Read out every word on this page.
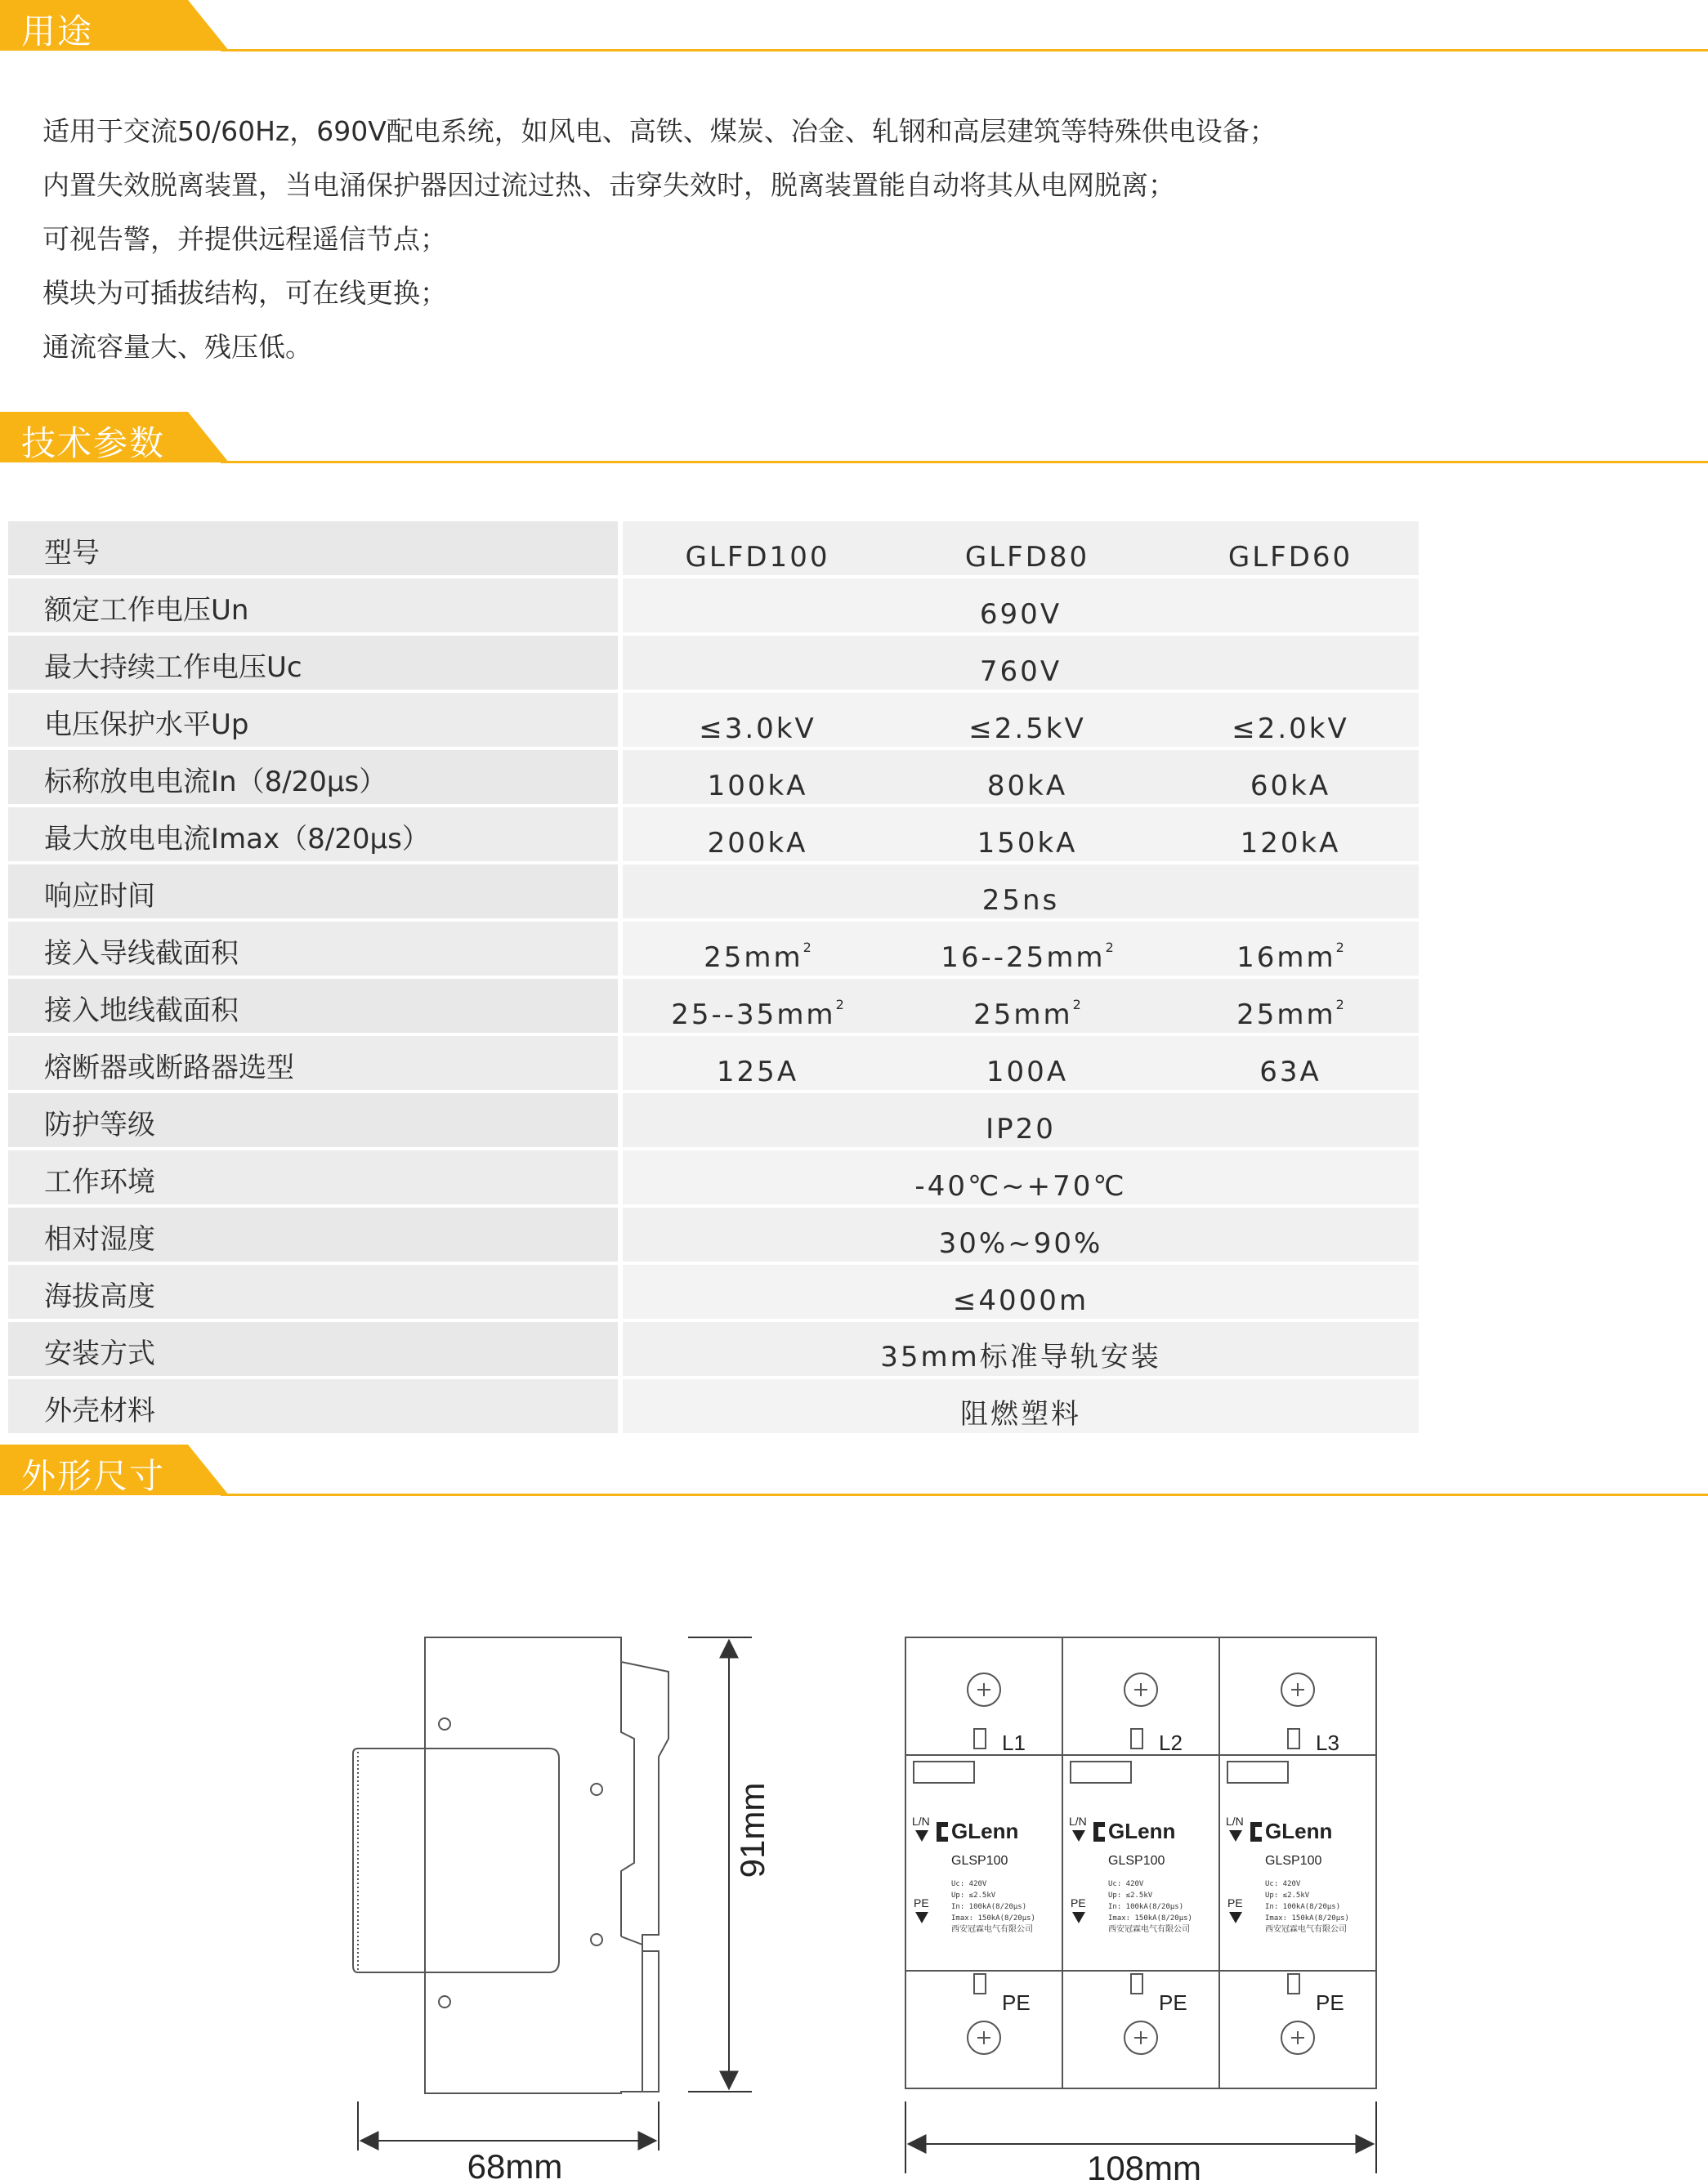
用途
适用于交流50/60Hz，690V配电系统，如风电、高铁、煤炭、冶金、轧钢和高层建筑等特殊供电设备；
内置失效脱离装置，当电涌保护器因过流过热、击穿失效时，脱离装置能自动将其从电网脱离；
可视告警，并提供远程遥信节点；
模块为可插拔结构，可在线更换；
通流容量大、残压低。
技术参数
型号	GLFD100	GLFD80	GLFD60
额定工作电压Un	690V		
最大持续工作电压Uc	760V		
电压保护水平Up	≤3.0kV	≤2.5kV	≤2.0kV
标称放电电流In（8/20μs）	100kA	80kA	60kA
最大放电电流Imax（8/20μs）	200kA	150kA	120kA
响应时间	25ns		
接入导线截面积	$25mm^2$	$16--25mm^2$	$16mm^2$
接入地线截面积	$25--35mm^2$	$25mm^2$	$25mm^2$
熔断器或断路器选型	125A	100A	63A
防护等级	IP20		
工作环境	-40℃~+70℃		
相对湿度	30%~90%		
海拔高度	≤4000m		
安装方式	35mm标准导轨安装		
外壳材料	阻燃塑料		
外形尺寸
91mm
68mm
L1
L/N GLenn
GLSP100
Uc: 420V
Up: ≤2.5kV
In: 100kA(8/20μs)
Imax: 150kA(8/20μs)
西安冠霖电气有限公司
PE
PE
L2
L/N GLenn
GLSP100
Uc: 420V
Up: ≤2.5kV
In: 100kA(8/20μs)
Imax: 150kA(8/20μs)
西安冠霖电气有限公司
PE
PE
L3
L/N GLenn
GLSP100
Uc: 420V
Up: ≤2.5kV
In: 100kA(8/20μs)
Imax: 150kA(8/20μs)
西安冠霖电气有限公司
PE
PE
108mm
